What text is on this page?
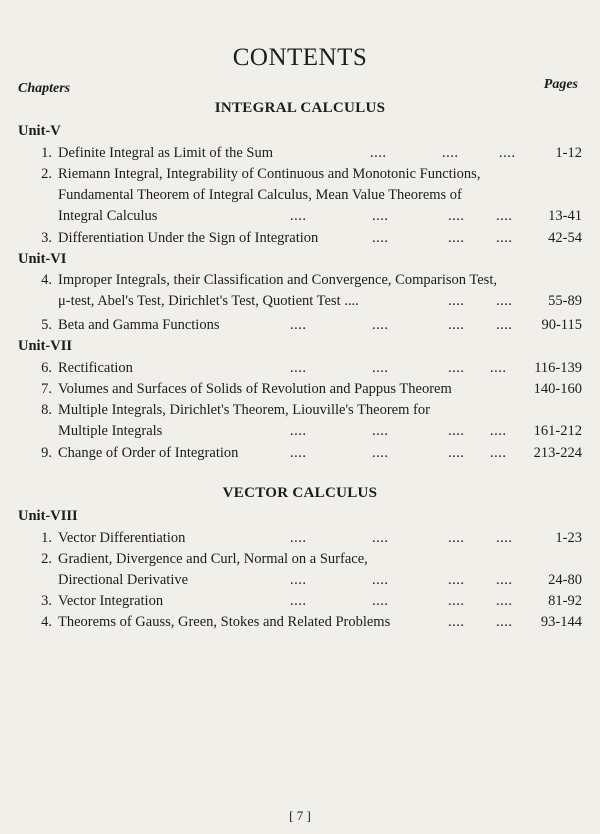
CONTENTS
Chapters	Pages
INTEGRAL CALCULUS
Unit-V
1. Definite Integral as Limit of the Sum	....	....	....	1-12
2. Riemann Integral, Integrability of Continuous and Monotonic Functions,
Fundamental Theorem of Integral Calculus, Mean Value Theorems of
Integral Calculus	....	....	.... .... 13-41
3. Differentiation Under the Sign of Integration	....	.... .... 42-54
Unit-VI
4. Improper Integrals, their Classification and Convergence, Comparison Test,
μ-test, Abel's Test, Dirichlet's Test, Quotient Test ....	.... .... 55-89
5. Beta and Gamma Functions	....	....	.... .... 90-115
Unit-VII
6. Rectification	....	....	.... .... 116-139
7. Volumes and Surfaces of Solids of Revolution and Pappus Theorem	140-160
8. Multiple Integrals, Dirichlet's Theorem, Liouville's Theorem for
Multiple Integrals	....	....	.... .... 161-212
9. Change of Order of Integration	....	....	.... .... 213-224
VECTOR CALCULUS
Unit-VIII
1. Vector Differentiation	....	....	.... ....	1-23
2. Gradient, Divergence and Curl, Normal on a Surface,
Directional Derivative	....	....	.... .... 24-80
3. Vector Integration	....	....	.... .... 81-92
4. Theorems of Gauss, Green, Stokes and Related Problems	.... .... 93-144
[ 7 ]
